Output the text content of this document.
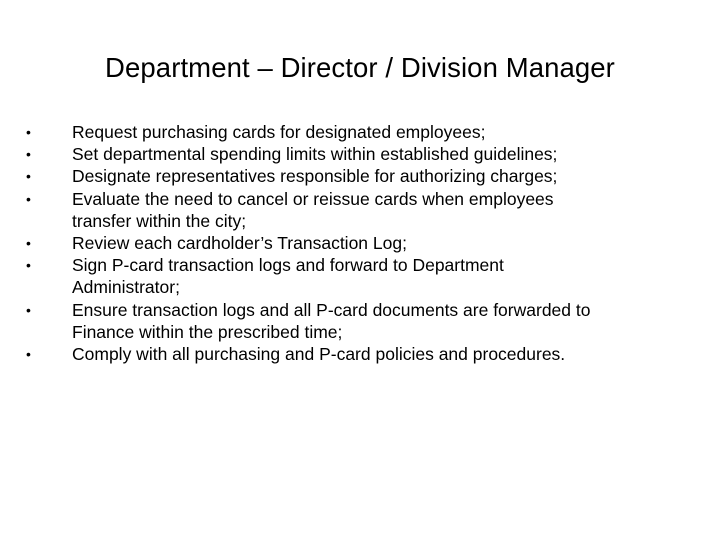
Department – Director / Division Manager
•	Request purchasing cards for designated employees;
•	Set departmental spending limits within established guidelines;
•	Designate representatives responsible for authorizing charges;
•	Evaluate the need to cancel or reissue cards when employees
transfer within the city;
•	Review each cardholder’s Transaction Log;
•	Sign P-card transaction logs and forward to Department
Administrator;
•	Ensure transaction logs and all P-card documents are forwarded to
Finance within the prescribed time;
•	Comply with all purchasing and P-card policies and procedures.
